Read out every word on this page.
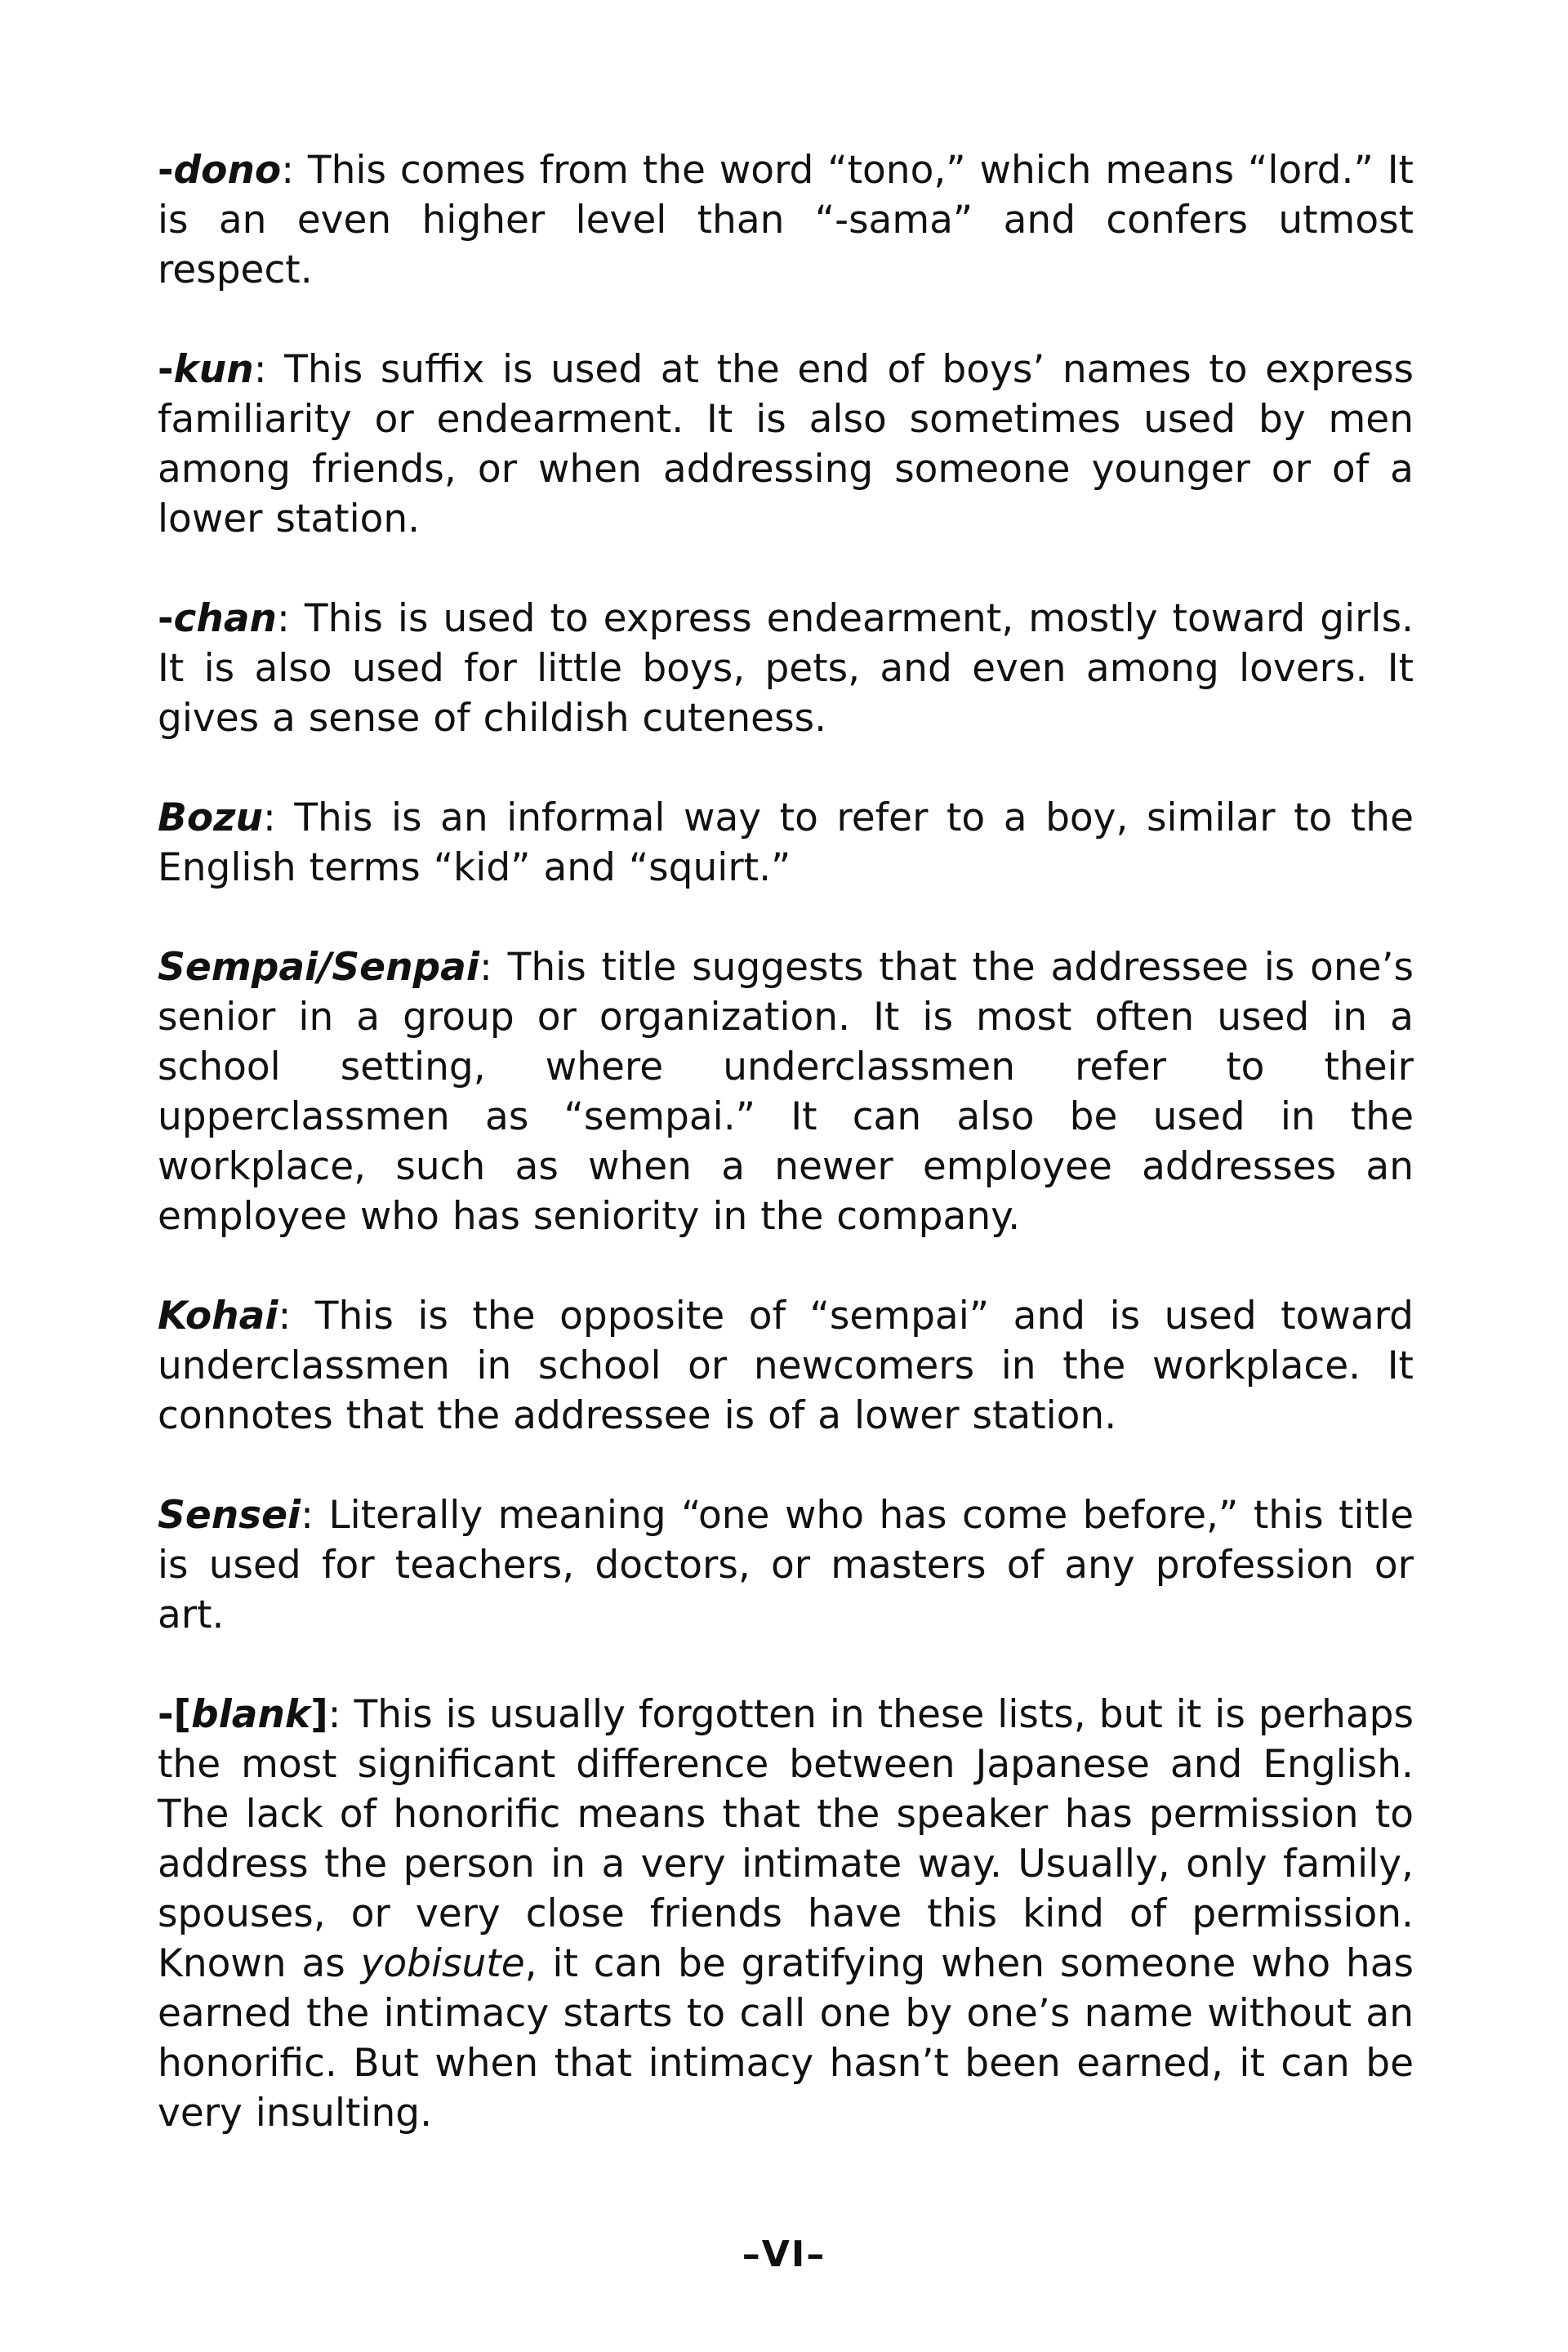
-dono: This comes from the word “tono,” which means “lord.” It is an even higher level than “-sama” and confers utmost respect.

-kun: This suffix is used at the end of boys’ names to express familiarity or endearment. It is also sometimes used by men among friends, or when addressing someone younger or of a lower station.

-chan: This is used to express endearment, mostly toward girls. It is also used for little boys, pets, and even among lovers. It gives a sense of childish cuteness.

Bozu: This is an informal way to refer to a boy, similar to the English terms “kid” and “squirt.”

Sempai/Senpai: This title suggests that the addressee is one’s senior in a group or organization. It is most often used in a school setting, where underclassmen refer to their upperclassmen as “sempai.” It can also be used in the workplace, such as when a newer employee addresses an employee who has seniority in the company.

Kohai: This is the opposite of “sempai” and is used toward underclassmen in school or newcomers in the workplace. It connotes that the addressee is of a lower station.

Sensei: Literally meaning “one who has come before,” this title is used for teachers, doctors, or masters of any profession or art.

-[blank]: This is usually forgotten in these lists, but it is perhaps the most significant difference between Japanese and English. The lack of honorific means that the speaker has permission to address the person in a very intimate way. Usually, only family, spouses, or very close friends have this kind of permission. Known as yobisute, it can be gratifying when someone who has earned the intimacy starts to call one by one’s name without an honorific. But when that intimacy hasn’t been earned, it can be very insulting.

–VI–
